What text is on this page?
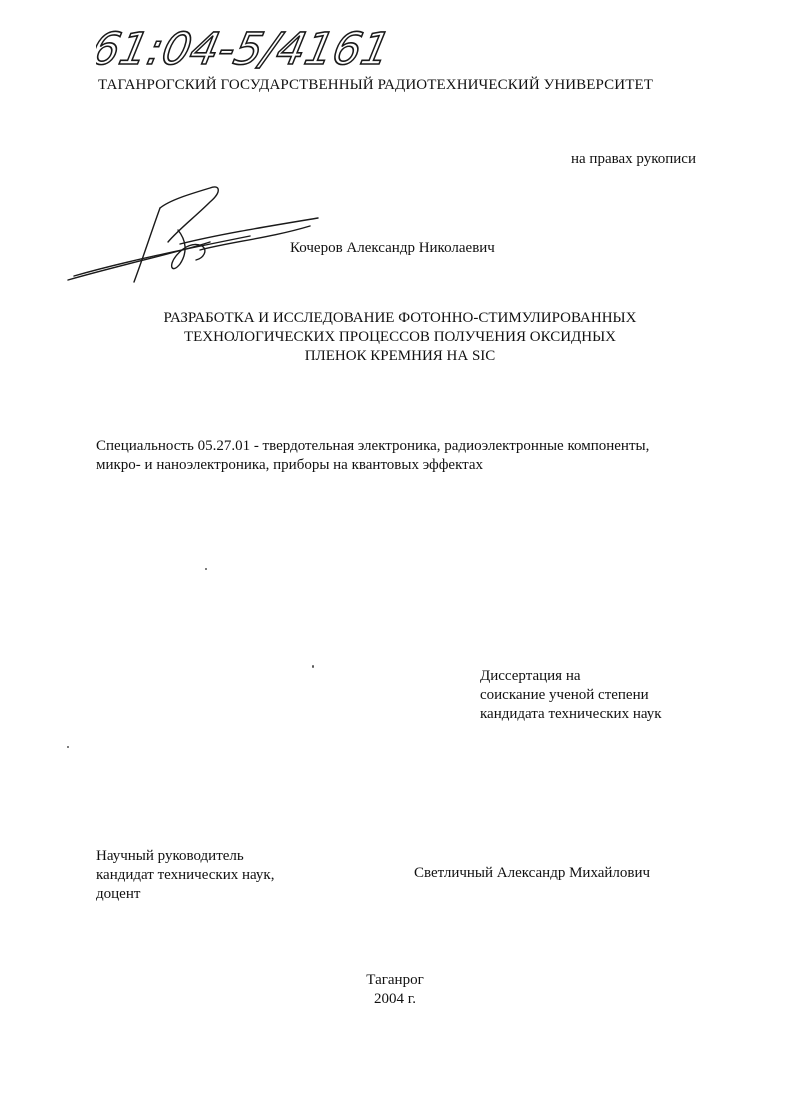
61:04-5/4161
ТАГАНРОГСКИЙ ГОСУДАРСТВЕННЫЙ РАДИОТЕХНИЧЕСКИЙ УНИВЕРСИТЕТ
на правах рукописи
Кочеров Александр Николаевич
РАЗРАБОТКА И ИССЛЕДОВАНИЕ ФОТОННО-СТИМУЛИРОВАННЫХ
ТЕХНОЛОГИЧЕСКИХ ПРОЦЕССОВ ПОЛУЧЕНИЯ ОКСИДНЫХ
ПЛЕНОК КРЕМНИЯ НА SIC
Специальность 05.27.01 - твердотельная электроника, радиоэлектронные компоненты,
микро- и наноэлектроника, приборы на квантовых эффектах
Диссертация на
соискание ученой степени
кандидата технических наук
Научный руководитель
кандидат технических наук,
доцент
Светличный Александр Михайлович
Таганрог
2004 г.
